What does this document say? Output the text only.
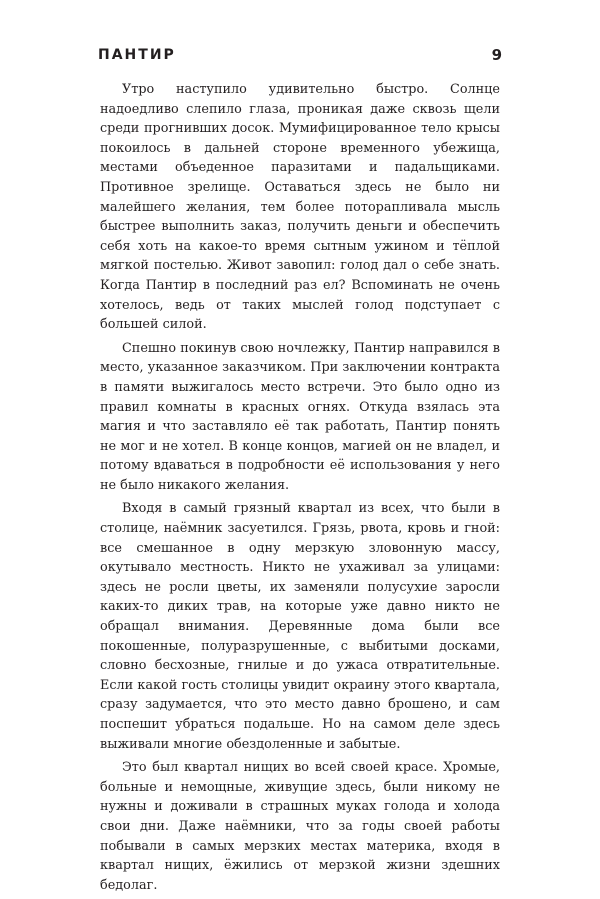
ПАНТИР	9

Утро наступило удивительно быстро. Солнце надоедливо слепило глаза, проникая даже сквозь щели среди прогнивших досок. Мумифицированное тело крысы покоилось в дальней стороне временного убежища, местами объеденное паразитами и падальщиками. Противное зрелище. Оставаться здесь не было ни малейшего желания, тем более поторапливала мысль быстрее выполнить заказ, получить деньги и обеспечить себя хоть на какое-то время сытным ужином и тёплой мягкой постелью. Живот завопил: голод дал о себе знать. Когда Пантир в последний раз ел? Вспоминать не очень хотелось, ведь от таких мыслей голод подступает с большей силой.

Спешно покинув свою ночлежку, Пантир направился в место, указанное заказчиком. При заключении контракта в памяти выжигалось место встречи. Это было одно из правил комнаты в красных огнях. Откуда взялась эта магия и что заставляло её так работать, Пантир понять не мог и не хотел. В конце концов, магией он не владел, и потому вдаваться в подробности её использования у него не было никакого желания.

Входя в самый грязный квартал из всех, что были в столице, наёмник засуетился. Грязь, рвота, кровь и гной: все смешанное в одну мерзкую зловонную массу, окутывало местность. Никто не ухаживал за улицами: здесь не росли цветы, их заменяли полусухие заросли каких-то диких трав, на которые уже давно никто не обращал внимания. Деревянные дома были все покошенные, полуразрушенные, с выбитыми досками, словно бесхозные, гнилые и до ужаса отвратительные. Если какой гость столицы увидит окраину этого квартала, сразу задумается, что это место давно брошено, и сам поспешит убраться подальше. Но на самом деле здесь выживали многие обездоленные и забытые.

Это был квартал нищих во всей своей красе. Хромые, больные и немощные, живущие здесь, были никому не нужны и доживали в страшных муках голода и холода свои дни. Даже наёмники, что за годы своей работы побывали в самых мерзких местах материка, входя в квартал нищих, ёжились от мерзкой жизни здешних бедолаг.
